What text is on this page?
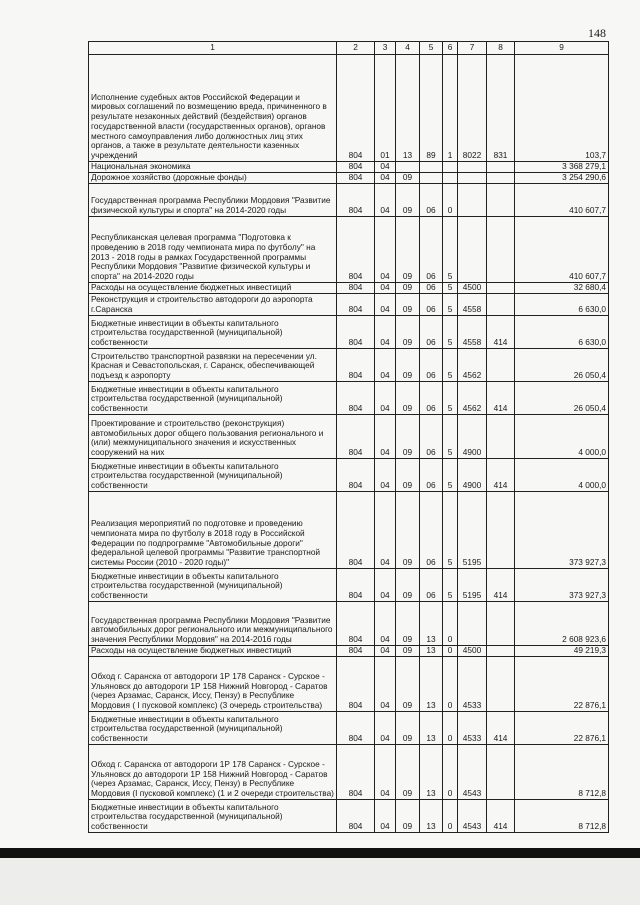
148
1	2	3	4	5	6	7	8	9
Исполнение судебных актов Российской Федерации и мировых соглашений по возмещению вреда, причиненного в результате незаконных действий (бездействия) органов государственной власти (государственных органов), органов местного самоуправления либо должностных лиц этих органов, а также в результате деятельности казенных учреждений	804	01	13	89	1	8022	831	103,7
Национальная экономика	804	04						3 368 279,1
Дорожное хозяйство (дорожные фонды)	804	04	09					3 254 290,6
Государственная программа Республики Мордовия "Развитие физической культуры и спорта" на 2014-2020 годы	804	04	09	06	0			410 607,7
Республиканская целевая программа "Подготовка к проведению в 2018 году чемпионата мира по футболу" на 2013 - 2018 годы в рамках Государственной программы Республики Мордовия "Развитие физической культуры и спорта" на 2014-2020 годы	804	04	09	06	5			410 607,7
Расходы на осуществление бюджетных инвестиций	804	04	09	06	5	4500		32 680,4
Реконструкция и строительство автодороги до аэропорта г.Саранска	804	04	09	06	5	4558		6 630,0
Бюджетные инвестиции в объекты капитального строительства государственной (муниципальной) собственности	804	04	09	06	5	4558	414	6 630,0
Строительство транспортной развязки на пересечении ул. Красная и Севастопольская, г. Саранск, обеспечивающей подъезд к аэропорту	804	04	09	06	5	4562		26 050,4
Бюджетные инвестиции в объекты капитального строительства государственной (муниципальной) собственности	804	04	09	06	5	4562	414	26 050,4
Проектирование и строительство (реконструкция) автомобильных дорог общего пользования регионального и (или) межмуниципального значения и искусственных сооружений на них	804	04	09	06	5	4900		4 000,0
Бюджетные инвестиции в объекты капитального строительства государственной (муниципальной) собственности	804	04	09	06	5	4900	414	4 000,0
Реализация мероприятий по подготовке и проведению чемпионата мира по футболу в 2018 году в Российской Федерации по подпрограмме "Автомобильные дороги" федеральной целевой программы "Развитие транспортной системы России (2010 - 2020 годы)"	804	04	09	06	5	5195		373 927,3
Бюджетные инвестиции в объекты капитального строительства государственной (муниципальной) собственности	804	04	09	06	5	5195	414	373 927,3
Государственная программа Республики Мордовия "Развитие автомобильных дорог регионального или межмуниципального значения Республики Мордовия" на 2014-2016 годы	804	04	09	13	0			2 608 923,6
Расходы на осуществление бюджетных инвестиций	804	04	09	13	0	4500		49 219,3
Обход г. Саранска от автодороги 1Р 178 Саранск - Сурское - Ульяновск до автодороги 1Р 158 Нижний Новгород - Саратов (через Арзамас, Саранск, Иссу, Пензу) в Республике Мордовия ( I пусковой комплекс) (3 очередь строительства)	804	04	09	13	0	4533		22 876,1
Бюджетные инвестиции в объекты капитального строительства государственной (муниципальной) собственности	804	04	09	13	0	4533	414	22 876,1
Обход г. Саранска от автодороги 1Р 178 Саранск - Сурское - Ульяновск до автодороги 1Р 158 Нижний Новгород - Саратов (через Арзамас, Саранск, Иссу, Пензу) в Республике Мордовия (I пусковой комплекс) (1 и 2 очереди строительства)	804	04	09	13	0	4543		8 712,8
Бюджетные инвестиции в объекты капитального строительства государственной (муниципальной) собственности	804	04	09	13	0	4543	414	8 712,8
